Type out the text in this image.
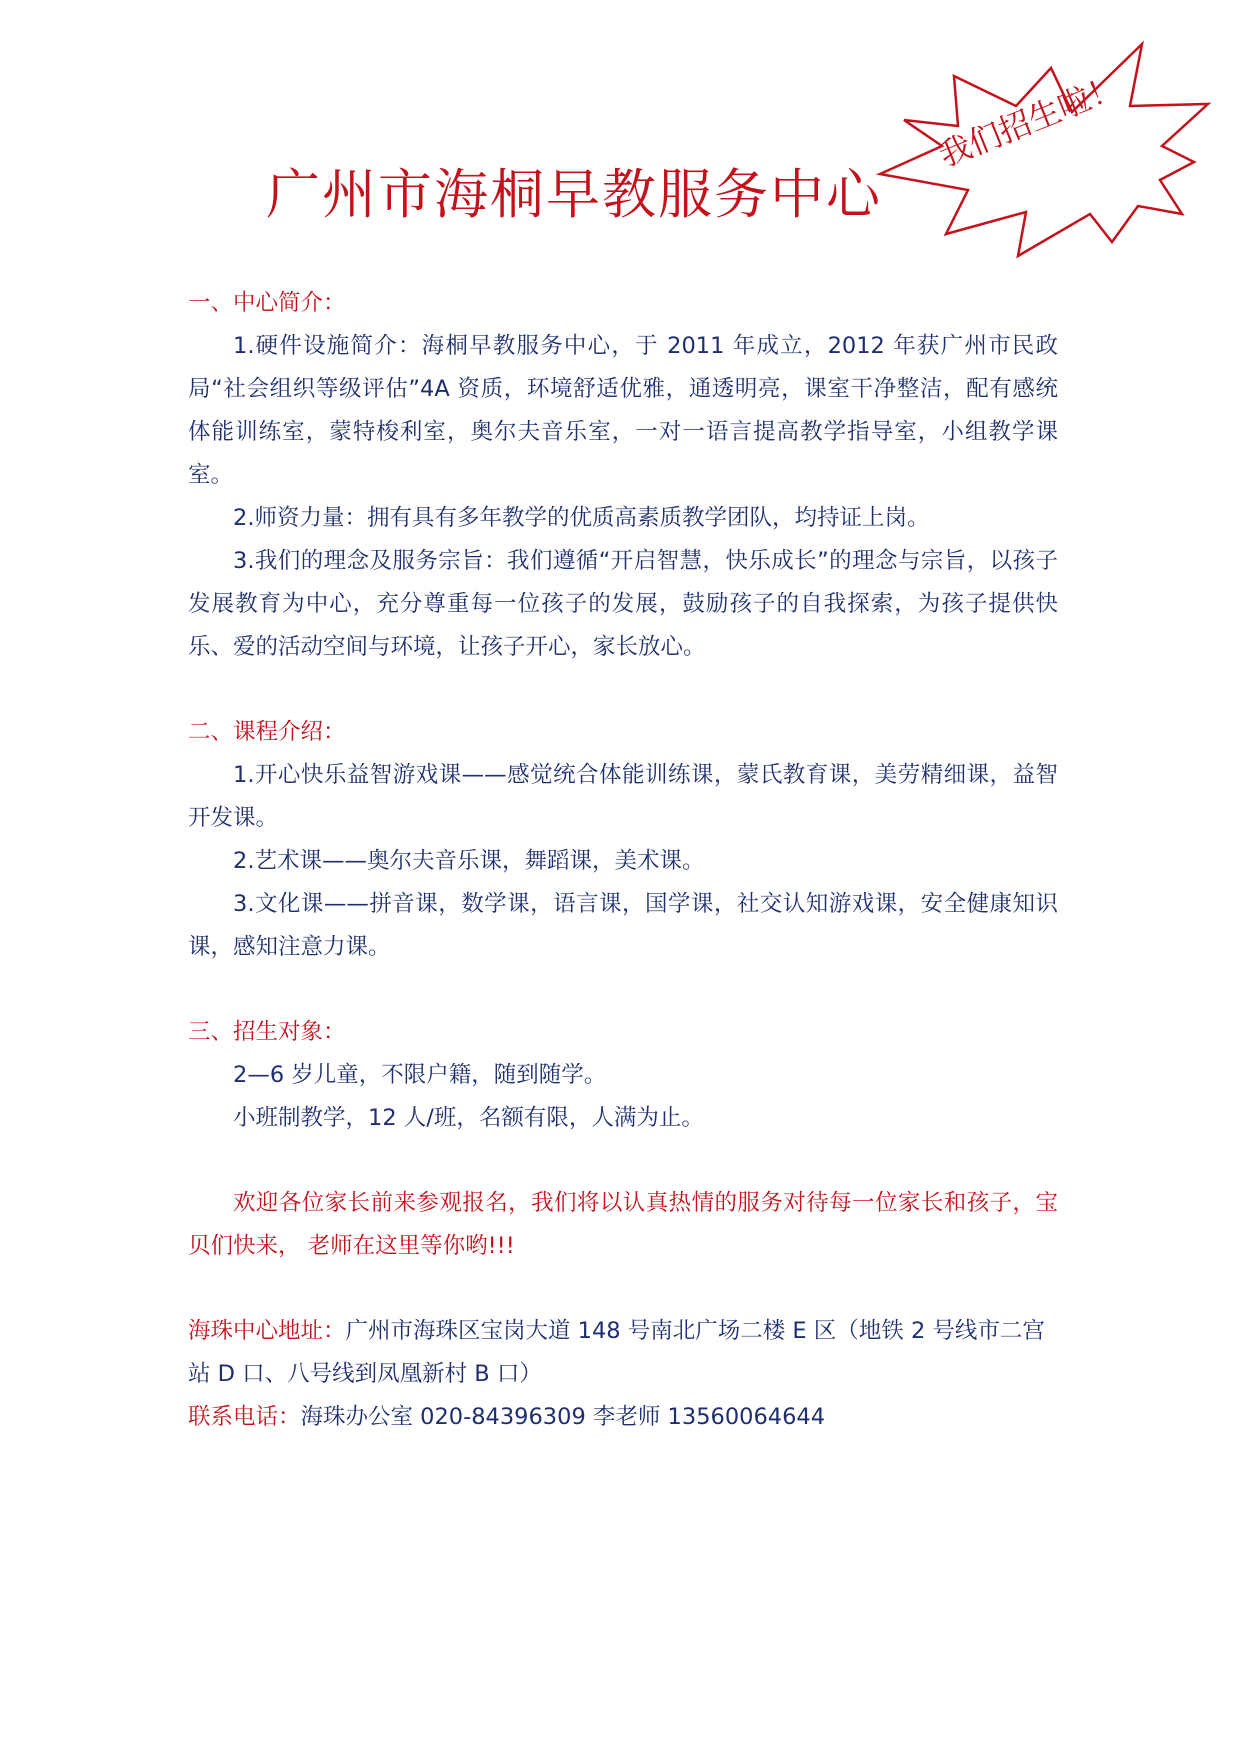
广州市海桐早教服务中心
我们招生啦！

一、中心简介：

1.硬件设施简介：海桐早教服务中心，于 2011 年成立，2012 年获广州市民政局“社会组织等级评估”4A 资质，环境舒适优雅，通透明亮，课室干净整洁，配有感统体能训练室，蒙特梭利室，奥尔夫音乐室，一对一语言提高教学指导室，小组教学课室。

2.师资力量：拥有具有多年教学的优质高素质教学团队，均持证上岗。

3.我们的理念及服务宗旨：我们遵循“开启智慧，快乐成长”的理念与宗旨，以孩子发展教育为中心，充分尊重每一位孩子的发展，鼓励孩子的自我探索，为孩子提供快乐、爱的活动空间与环境，让孩子开心，家长放心。

二、课程介绍：

1.开心快乐益智游戏课——感觉统合体能训练课，蒙氏教育课，美劳精细课，益智开发课。

2.艺术课——奥尔夫音乐课，舞蹈课，美术课。

3.文化课——拼音课，数学课，语言课，国学课，社交认知游戏课，安全健康知识课，感知注意力课。

三、招生对象：

2—6 岁儿童，不限户籍，随到随学。

小班制教学，12 人/班，名额有限，人满为止。

欢迎各位家长前来参观报名，我们将以认真热情的服务对待每一位家长和孩子，宝贝们快来， 老师在这里等你哟!!!

海珠中心地址：广州市海珠区宝岗大道 148 号南北广场二楼 E 区（地铁 2 号线市二宫站 D 口、八号线到凤凰新村 B 口）

联系电话：海珠办公室 020-84396309 李老师 13560064644
